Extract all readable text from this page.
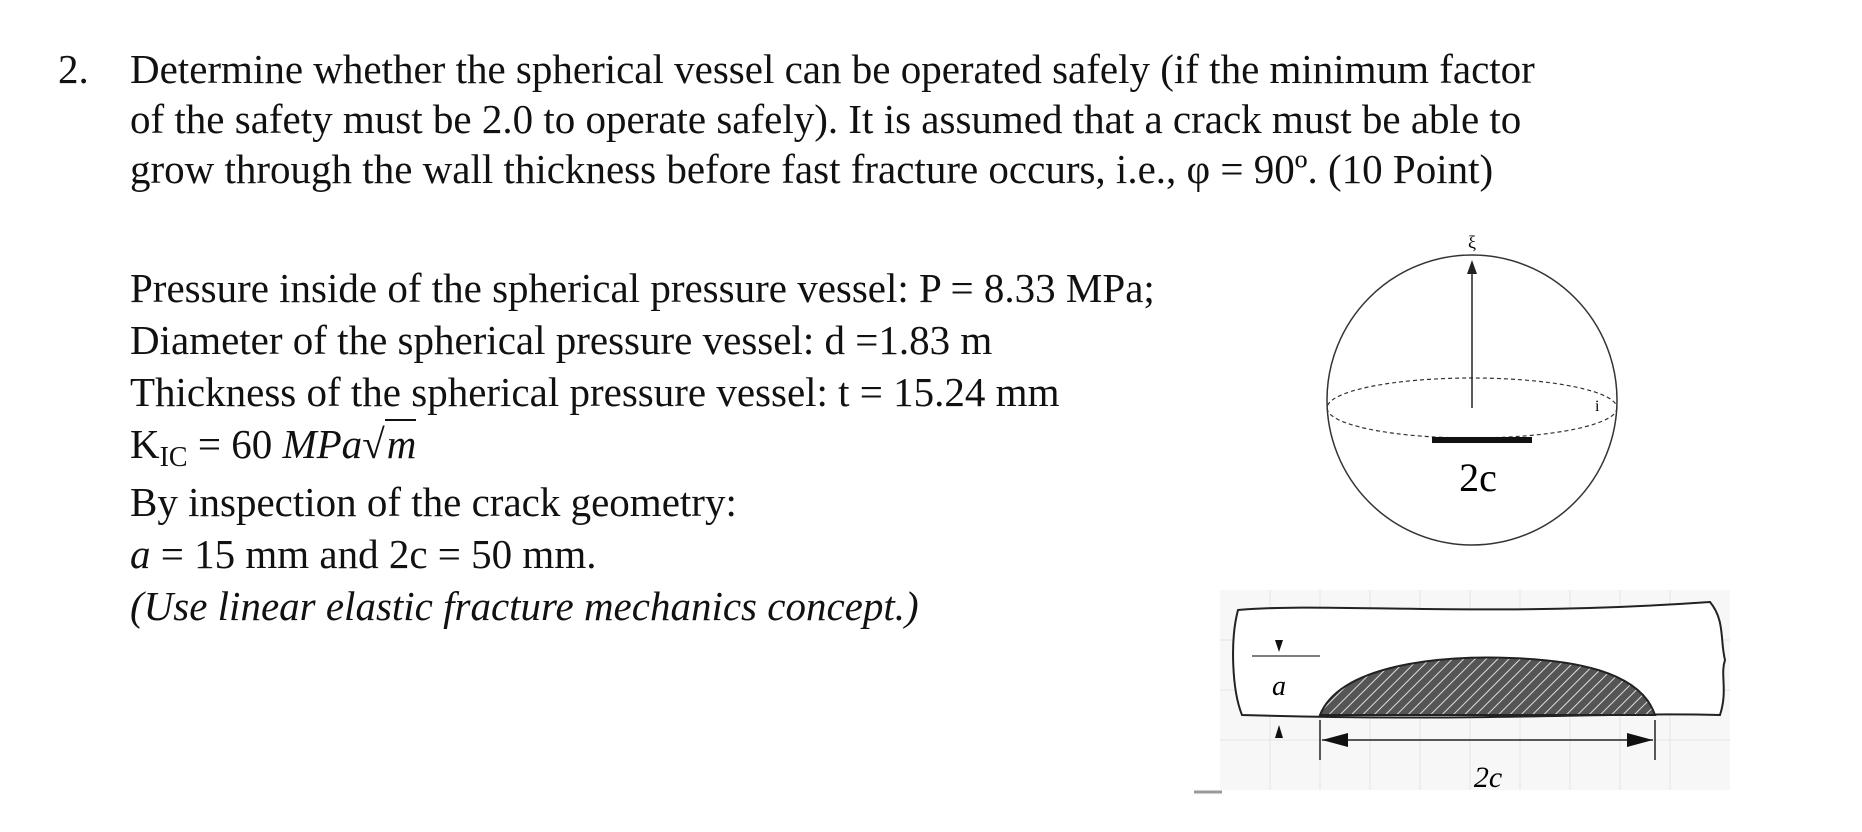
2. Determine whether the spherical vessel can be operated safely (if the minimum factor
of the safety must be 2.0 to operate safely). It is assumed that a crack must be able to
grow through the wall thickness before fast fracture occurs, i.e., φ = 90º. (10 Point)
Pressure inside of the spherical pressure vessel: P = 8.33 MPa;
Diameter of the spherical pressure vessel: d =1.83 m
Thickness of the spherical pressure vessel: t = 15.24 mm
KIC = 60 MPa√m
By inspection of the crack geometry:
a = 15 mm and 2c = 50 mm.
(Use linear elastic fracture mechanics concept.)
ξ
i
2c
a
2c
